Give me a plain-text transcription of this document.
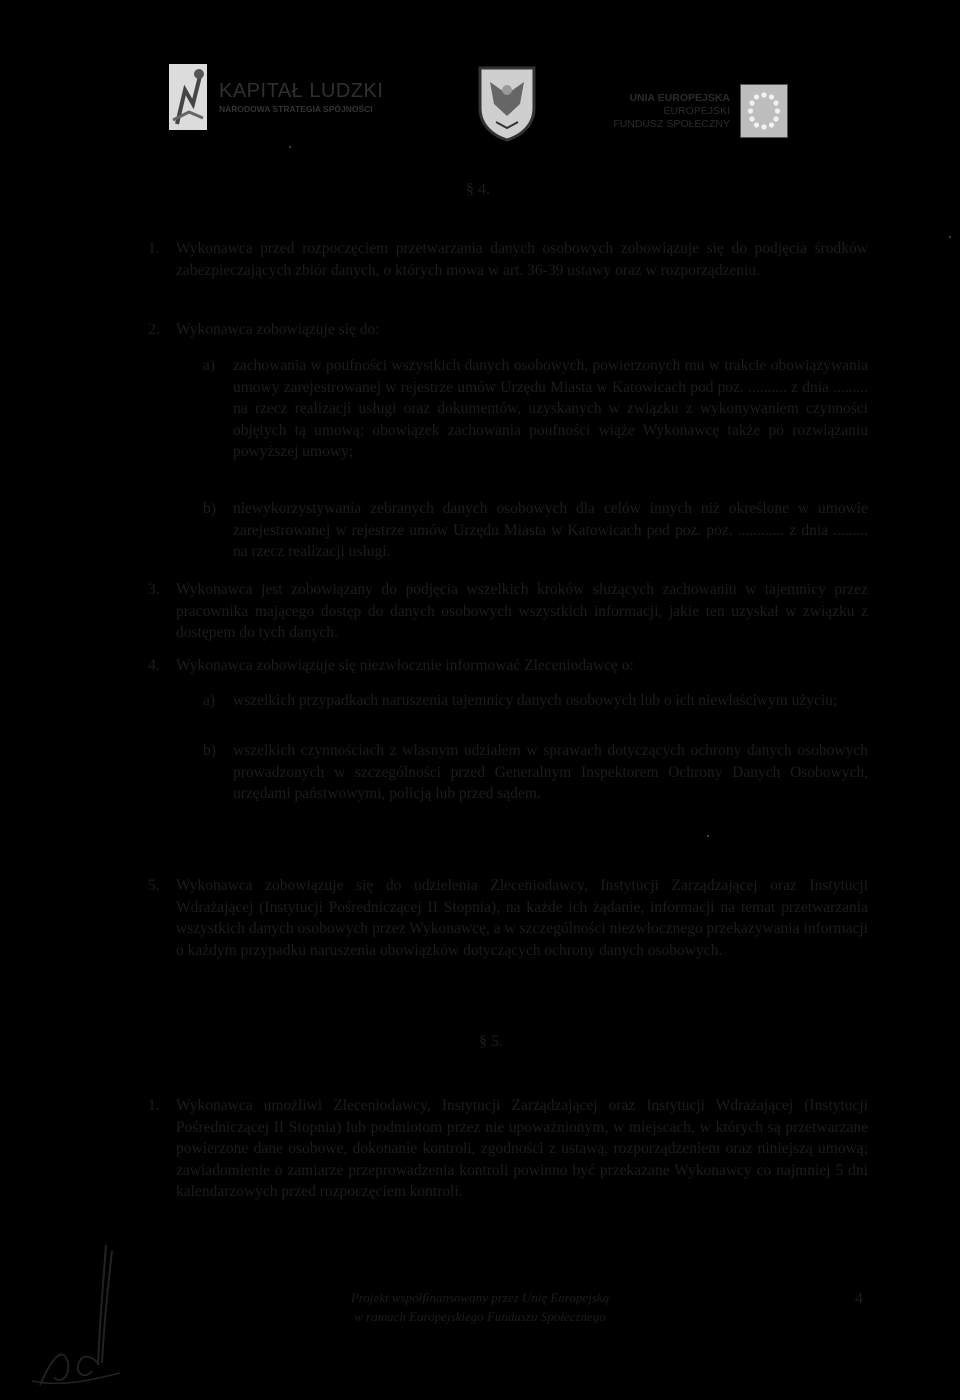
KAPITAŁ LUDZKI
NARODOWA STRATEGIA SPÓJNOŚCI
UNIA EUROPEJSKA
EUROPEJSKI
FUNDUSZ SPOŁECZNY
§ 4.
1. Wykonawca przed rozpoczęciem przetwarzania danych osobowych zobowiązuje się do podjęcia środków zabezpieczających zbiór danych, o których mowa w art. 36-39 ustawy oraz w rozporządzeniu.
2. Wykonawca zobowiązuje się do:
a) zachowania w poufności wszystkich danych osobowych, powierzonych mu w trakcie obowiązywania umowy zarejestrowanej w rejestrze umów Urzędu Miasta w Katowicach pod poz. .......... z dnia ......... na rzecz realizacji usługi oraz dokumentów, uzyskanych w związku z wykonywaniem czynności objętych tą umową; obowiązek zachowania poufności wiąże Wykonawcę także po rozwiązaniu powyższej umowy;
b) niewykorzystywania zebranych danych osobowych dla celów innych niż określone w umowie zarejestrowanej w rejestrze umów Urzędu Miasta w Katowicach pod poz. poz. ............ z dnia ......... na rzecz realizacji usługi.
3. Wykonawca jest zobowiązany do podjęcia wszelkich kroków służących zachowaniu w tajemnicy przez pracownika mającego dostęp do danych osobowych wszystkich informacji, jakie ten uzyskał w związku z dostępem do tych danych.
4. Wykonawca zobowiązuje się niezwłocznie informować Zleceniodawcę o:
a) wszelkich przypadkach naruszenia tajemnicy danych osobowych lub o ich niewłaściwym użyciu;
b) wszelkich czynnościach z własnym udziałem w sprawach dotyczących ochrony danych osobowych prowadzonych w szczególności przed Generalnym Inspektorem Ochrony Danych Osobowych, urzędami państwowymi, policją lub przed sądem.
5. Wykonawca zobowiązuje się do udzielenia Zleceniodawcy, Instytucji Zarządzającej oraz Instytucji Wdrażającej (Instytucji Pośredniczącej II Stopnia), na każde ich żądanie, informacji na temat przetwarzania wszystkich danych osobowych przez Wykonawcę, a w szczególności niezwłocznego przekazywania informacji o każdym przypadku naruszenia obowiązków dotyczących ochrony danych osobowych.
§ 5.
1. Wykonawca umożliwi Zleceniodawcy, Instytucji Zarządzającej oraz Instytucji Wdrażającej (Instytucji Pośredniczącej II Stopnia) lub podmiotom przez nie upoważnionym, w miejscach, w których są przetwarzane powierzone dane osobowe, dokonanie kontroli, zgodności z ustawą, rozporządzeniem oraz niniejszą umową; zawiadomienie o zamiarze przeprowadzenia kontroli powinno być przekazane Wykonawcy co najmniej 5 dni kalendarzowych przed rozpoczęciem kontroli.
Projekt współfinansowany przez Unię Europejską
w ramach Europejskiego Funduszu Społecznego
4
